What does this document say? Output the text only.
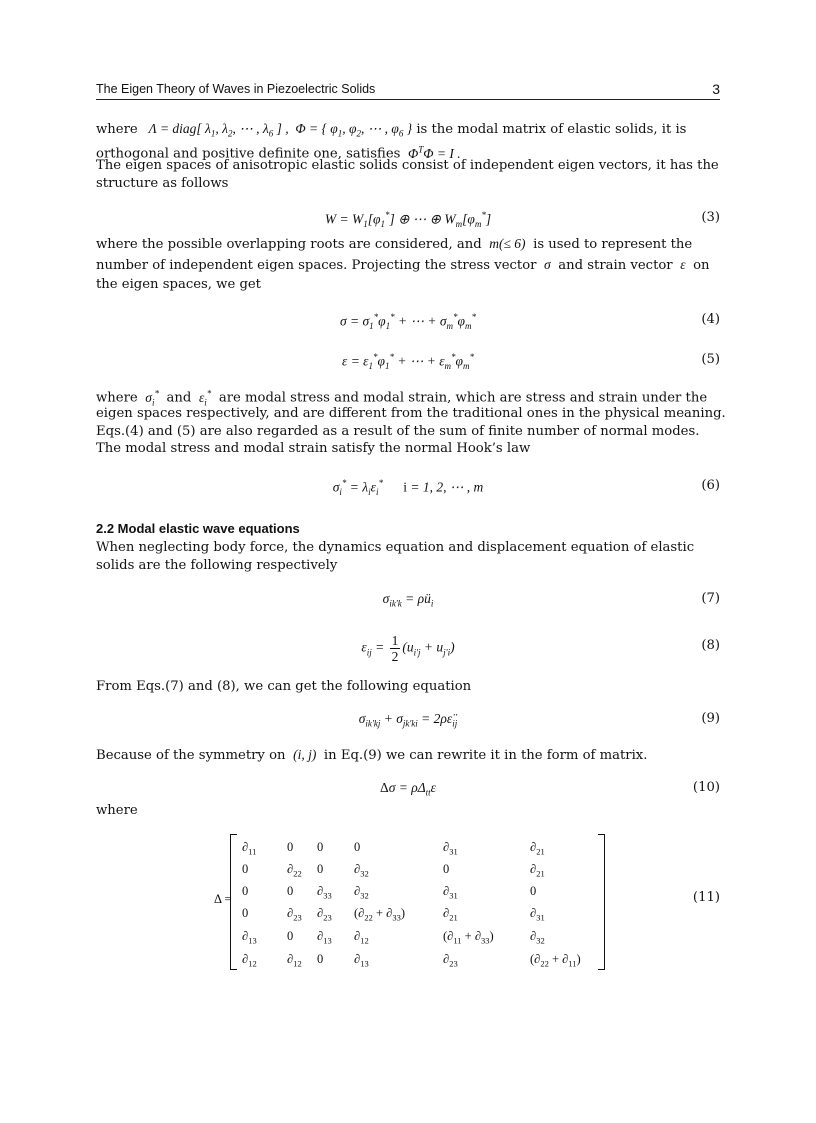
The Eigen Theory of Waves in Piezoelectric Solids	3
where   Λ = diag[ $\lambda_1$, $\lambda_2$, ⋯ , $\lambda_6$ ] ,  Φ = { $\varphi_1$, $\varphi_2$, ⋯ , $\varphi_6$ } is the modal matrix of elastic solids, it is
orthogonal and positive definite one, satisfies  $\Phi^T\Phi = I$ .
The eigen spaces of anisotropic elastic solids consist of independent eigen vectors, it has the
structure as follows
$W = W_1[\varphi_1^*]$ ⊕ ⋯ ⊕ $W_m[\varphi_m^*]$	(3)
where the possible overlapping roots are considered, and  m(≤ 6)  is used to represent the
number of independent eigen spaces. Projecting the stress vector  σ  and strain vector  ε  on
the eigen spaces, we get
$\sigma = \sigma_1^*\varphi_1^*$ + ⋯ + $\sigma_m^*\varphi_m^*$	(4)
$\varepsilon = \varepsilon_1^*\varphi_1^*$ + ⋯ + $\varepsilon_m^*\varphi_m^*$	(5)
where  $\sigma_i^*$ and  $\varepsilon_i^*$ are modal stress and modal strain, which are stress and strain under the
eigen spaces respectively, and are different from the traditional ones in the physical meaning.
Eqs.(4) and (5) are also regarded as a result of the sum of finite number of normal modes.
The modal stress and modal strain satisfy the normal Hook’s law
$\sigma_i^* = \lambda_i\varepsilon_i^*$ i = 1, 2, ⋯ , m	(6)
2.2 Modal elastic wave equations
When neglecting body force, the dynamics equation and displacement equation of elastic
solids are the following respectively
$\sigma_{ik'k}$ = $\rho ü_i$	(7)
$\varepsilon_{ij} = \frac{1}{2} (u_{i'j} + u_{j'i})$	(8)
From Eqs.(7) and (8), we can get the following equation
$\sigma_{ik'kj} + \sigma_{jk'ki}$ = $2\rho\varepsilon̈_{ij}$	(9)
Because of the symmetry on  (i, j)  in Eq.(9) we can rewrite it in the form of matrix.
$\Delta\sigma = \rho\Delta_{tt}\varepsilon$	(10)
where
Δ =
$\partial_{11}$ 0 0 0	$\partial_{31}$	$\partial_{21}$
0	$\partial_{22}$ 0 $\partial_{32}$	0	$\partial_{21}$
0	0 $\partial_{33}$ $\partial_{32}$	$\partial_{31}$	0
0	$\partial_{23}$ $\partial_{23}$ $(\partial_{22} + \partial_{33})$	$\partial_{21}$	$\partial_{31}$
$\partial_{13}$ 0 $\partial_{13}$ $\partial_{12}$	$(\partial_{11} + \partial_{33})$	$\partial_{32}$
$\partial_{12}$ $\partial_{12}$ 0 $\partial_{13}$	$\partial_{23}$	$(\partial_{22} + \partial_{11})$
(11)
